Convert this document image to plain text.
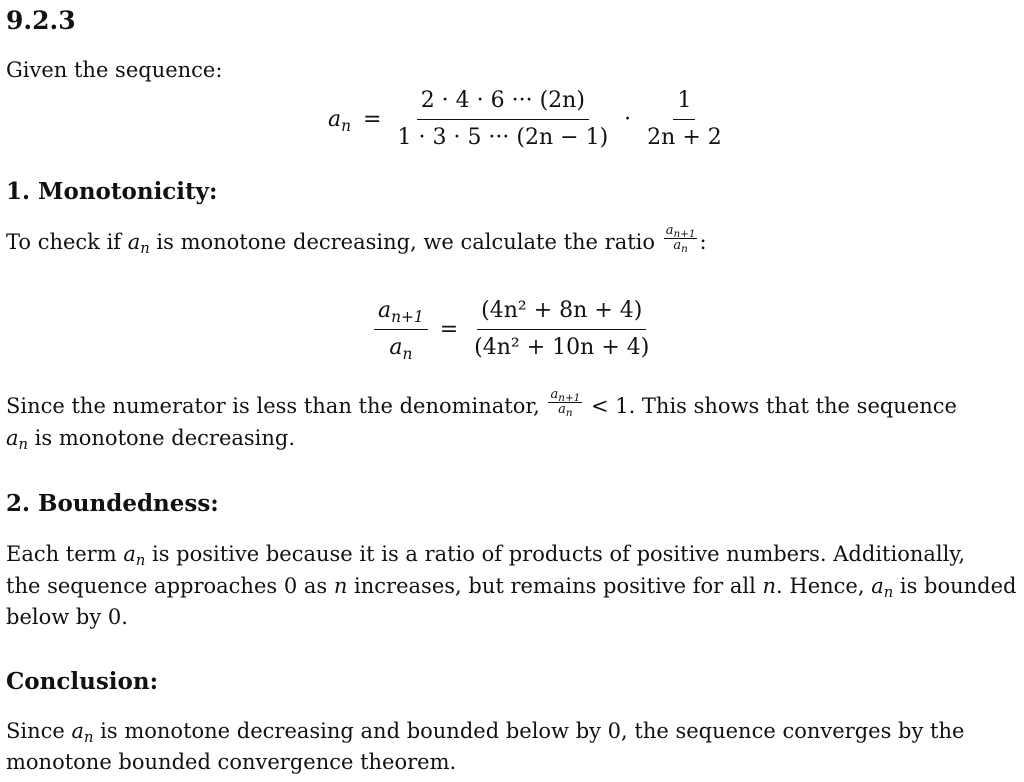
9.2.3

Given the sequence:

$a_n = \frac{2 \cdot 4 \cdot 6 \cdot\cdot\cdot (2n)}{1 \cdot 3 \cdot 5 \cdot\cdot\cdot (2n - 1)} \cdot \frac{1}{2n + 2}$
1. Monotonicity:

To check if $a_n$ is monotone decreasing, we calculate the ratio $\frac{a_{n+1}}{a_n}$ :

$\frac{a_{n+1}}{a_n} = \frac{\text{(4n² + 8n + 4)}}{\text{(4n² + 10n + 4)}}$

Since the numerator is less than the denominator, $\frac{a_{n+1}}{a_n} < 1$. This shows that the sequence

$a_n$ is monotone decreasing.

2. Boundedness:

Each term $a_n$ is positive because it is a ratio of products of positive numbers. Additionally,

the sequence approaches 0 as n increases, but remains positive for all n. Hence, $a_n$ is bounded

below by 0.

Conclusion:

Since $a_n$ is monotone decreasing and bounded below by 0, the sequence converges by the

monotone bounded convergence theorem.
